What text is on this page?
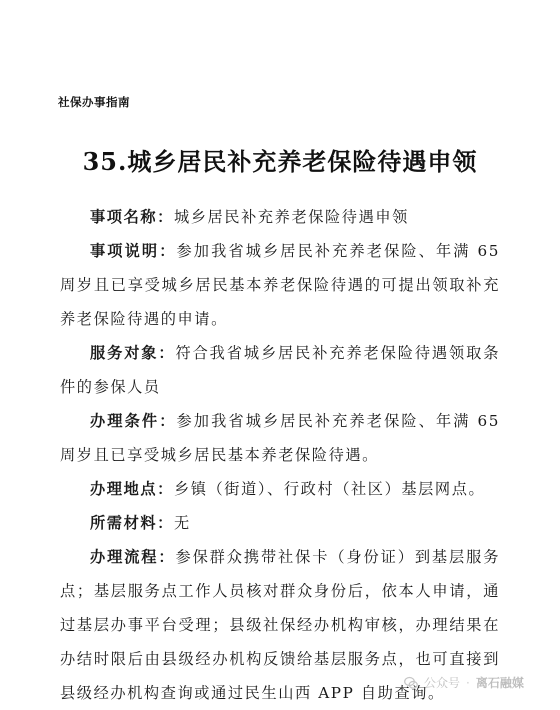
社保办事指南
35.城乡居民补充养老保险待遇申领

事项名称：城乡居民补充养老保险待遇申领

事项说明：参加我省城乡居民补充养老保险、年满 65 周岁且已享受城乡居民基本养老保险待遇的可提出领取补充养老保险待遇的申请。

服务对象：符合我省城乡居民补充养老保险待遇领取条件的参保人员

办理条件：参加我省城乡居民补充养老保险、年满 65 周岁且已享受城乡居民基本养老保险待遇。

办理地点：乡镇（街道）、行政村（社区）基层网点。

所需材料：无

办理流程：参保群众携带社保卡（身份证）到基层服务点；基层服务点工作人员核对群众身份后，依本人申请，通过基层办事平台受理；县级社保经办机构审核，办理结果在办结时限后由县级经办机构反馈给基层服务点，也可直接到县级经办机构查询或通过民生山西 APP 自助查询。

公众号 · 离石融媒
